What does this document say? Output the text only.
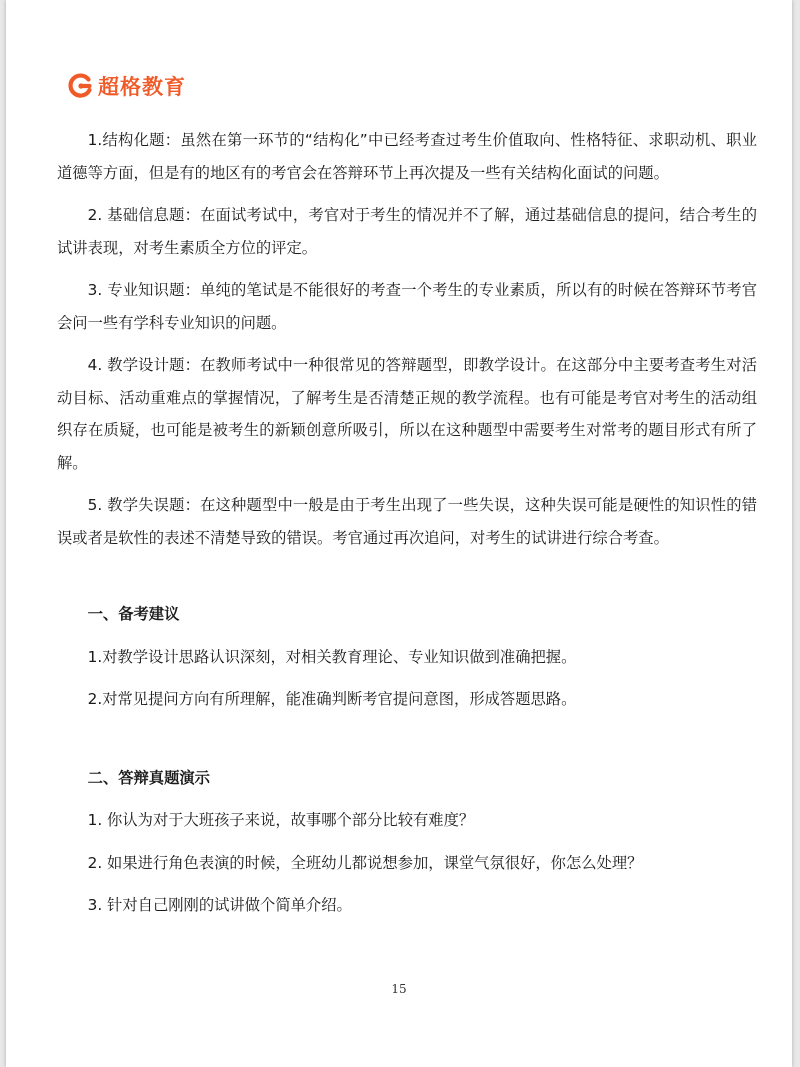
超格教育

1.结构化题：虽然在第一环节的“结构化”中已经考查过考生价值取向、性格特征、求职动机、职业道德等方面，但是有的地区有的考官会在答辩环节上再次提及一些有关结构化面试的问题。

2. 基础信息题：在面试考试中，考官对于考生的情况并不了解，通过基础信息的提问，结合考生的试讲表现，对考生素质全方位的评定。

3. 专业知识题：单纯的笔试是不能很好的考查一个考生的专业素质，所以有的时候在答辩环节考官会问一些有学科专业知识的问题。

4. 教学设计题：在教师考试中一种很常见的答辩题型，即教学设计。在这部分中主要考查考生对活动目标、活动重难点的掌握情况，了解考生是否清楚正规的教学流程。也有可能是考官对考生的活动组织存在质疑，也可能是被考生的新颖创意所吸引，所以在这种题型中需要考生对常考的题目形式有所了解。

5. 教学失误题：在这种题型中一般是由于考生出现了一些失误，这种失误可能是硬性的知识性的错误或者是软性的表述不清楚导致的错误。考官通过再次追问，对考生的试讲进行综合考查。

一、备考建议

1.对教学设计思路认识深刻，对相关教育理论、专业知识做到准确把握。

2.对常见提问方向有所理解，能准确判断考官提问意图，形成答题思路。

二、答辩真题演示

1. 你认为对于大班孩子来说，故事哪个部分比较有难度？

2. 如果进行角色表演的时候，全班幼儿都说想参加，课堂气氛很好，你怎么处理？

3. 针对自己刚刚的试讲做个简单介绍。

15
